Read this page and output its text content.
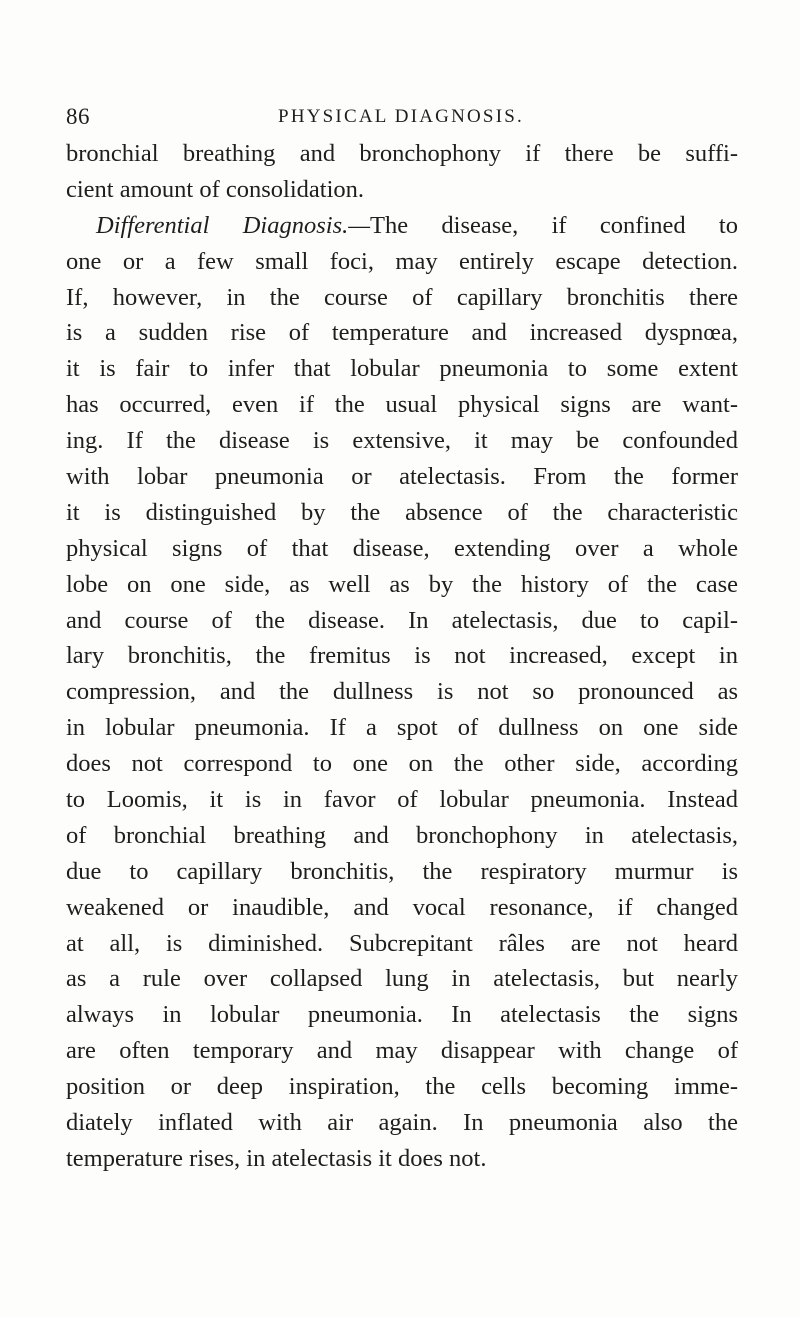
86	PHYSICAL DIAGNOSIS.
bronchial breathing and bronchophony if there be suffi-
cient amount of consolidation.
Differential Diagnosis.—The disease, if confined to
one or a few small foci, may entirely escape detection.
If, however, in the course of capillary bronchitis there
is a sudden rise of temperature and increased dyspnœa,
it is fair to infer that lobular pneumonia to some extent
has occurred, even if the usual physical signs are want-
ing. If the disease is extensive, it may be confounded
with lobar pneumonia or atelectasis. From the former
it is distinguished by the absence of the characteristic
physical signs of that disease, extending over a whole
lobe on one side, as well as by the history of the case
and course of the disease. In atelectasis, due to capil-
lary bronchitis, the fremitus is not increased, except in
compression, and the dullness is not so pronounced as
in lobular pneumonia. If a spot of dullness on one side
does not correspond to one on the other side, according
to Loomis, it is in favor of lobular pneumonia. Instead
of bronchial breathing and bronchophony in atelectasis,
due to capillary bronchitis, the respiratory murmur is
weakened or inaudible, and vocal resonance, if changed
at all, is diminished. Subcrepitant râles are not heard
as a rule over collapsed lung in atelectasis, but nearly
always in lobular pneumonia. In atelectasis the signs
are often temporary and may disappear with change of
position or deep inspiration, the cells becoming imme-
diately inflated with air again. In pneumonia also the
temperature rises, in atelectasis it does not.
